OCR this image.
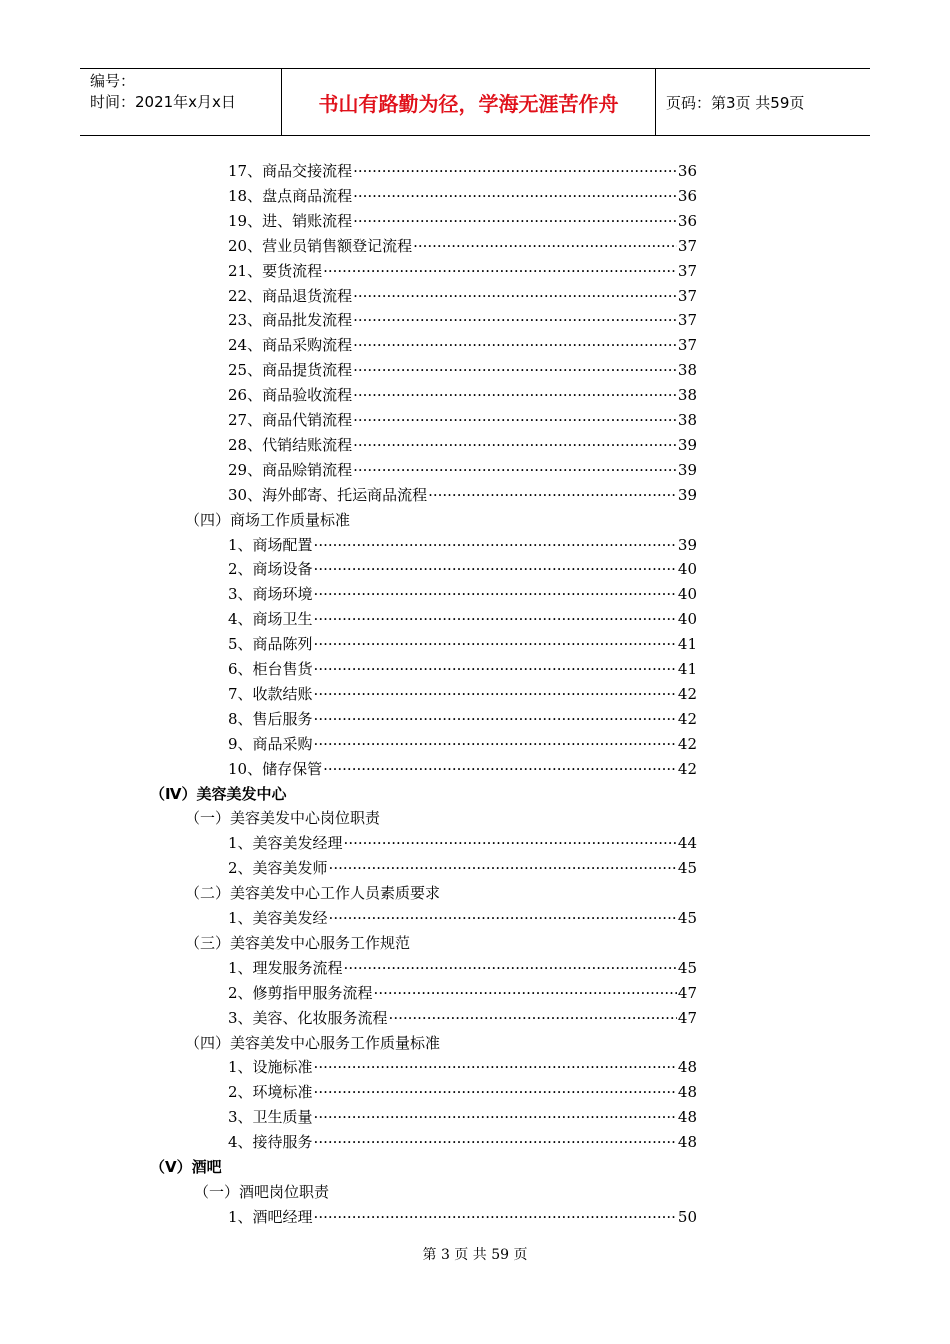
编号：
时间：2021年x月x日	书山有路勤为径，学海无涯苦作舟	页码：第3页 共59页
17、商品交接流程 ·····	36
18、盘点商品流程 ·····	36
19、进、销账流程 ·····	36
20、营业员销售额登记流程 ·····	37
21、要货流程 ·····	37
22、商品退货流程 ·····	37
23、商品批发流程 ·····	37
24、商品采购流程 ·····	37
25、商品提货流程 ·····	38
26、商品验收流程 ·····	38
27、商品代销流程 ·····	38
28、代销结账流程 ·····	39
29、商品赊销流程 ·····	39
30、海外邮寄、托运商品流程 ·····	39
（四）商场工作质量标准
1、商场配置 ·····	39
2、商场设备 ·····	40
3、商场环境 ·····	40
4、商场卫生 ·····	40
5、商品陈列 ·····	41
6、柜台售货 ·····	41
7、收款结账 ·····	42
8、售后服务 ·····	42
9、商品采购 ·····	42
10、储存保管 ·····	42
（Ⅳ）美容美发中心
（一）美容美发中心岗位职责
1、美容美发经理 ·····	44
2、美容美发师 ·····	45
（二）美容美发中心工作人员素质要求
1、美容美发经 ·····	45
（三）美容美发中心服务工作规范
1、理发服务流程 ·····	45
2、修剪指甲服务流程 ·····	47
3、美容、化妆服务流程 ·····	47
（四）美容美发中心服务工作质量标准
1、设施标准 ·····	48
2、环境标准 ·····	48
3、卫生质量 ·····	48
4、接待服务 ·····	48
（Ⅴ）酒吧
（一）酒吧岗位职责
1、酒吧经理 ·····	50
第 3 页 共 59 页
